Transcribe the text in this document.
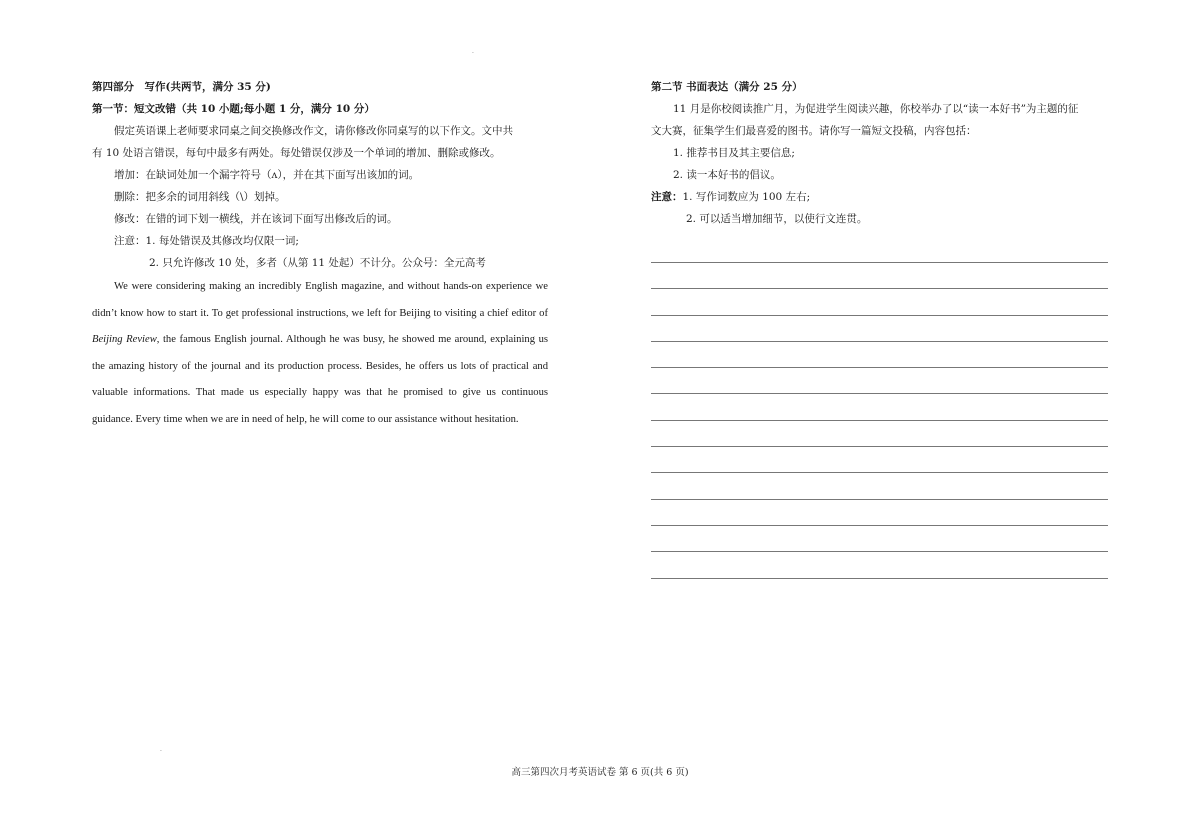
·
·
第四部分　写作(共两节，满分 35 分)
第一节：短文改错（共 10 小题;每小题 1 分，满分 10 分）
假定英语课上老师要求同桌之间交换修改作文，请你修改你同桌写的以下作文。文中共
有 10 处语言错误，每句中最多有两处。每处错误仅涉及一个单词的增加、删除或修改。
增加：在缺词处加一个漏字符号（ʌ），并在其下面写出该加的词。
删除：把多余的词用斜线（\）划掉。
修改：在错的词下划一横线，并在该词下面写出修改后的词。
注意：1. 每处错误及其修改均仅限一词;
2. 只允许修改 10 处，多者（从第 11 处起）不计分。公众号：全元高考
We were considering making an incredibly English magazine, and without hands-on experience we didn’t know how to start it. To get professional instructions, we left for Beijing to visiting a chief editor of Beijing Review, the famous English journal. Although he was busy, he showed me around, explaining us the amazing history of the journal and its production process. Besides, he offers us lots of practical and valuable informations. That made us especially happy was that he promised to give us continuous guidance. Every time when we are in need of help, he will come to our assistance without hesitation.
第二节 书面表达（满分 25 分）
11 月是你校阅读推广月，为促进学生阅读兴趣，你校举办了以“读一本好书”为主题的征
文大赛，征集学生们最喜爱的图书。请你写一篇短文投稿，内容包括：
1. 推荐书目及其主要信息;
2. 读一本好书的倡议。
注意：1. 写作词数应为 100 左右;
2. 可以适当增加细节，以使行文连贯。
高三第四次月考英语试卷 第 6 页(共 6 页)
